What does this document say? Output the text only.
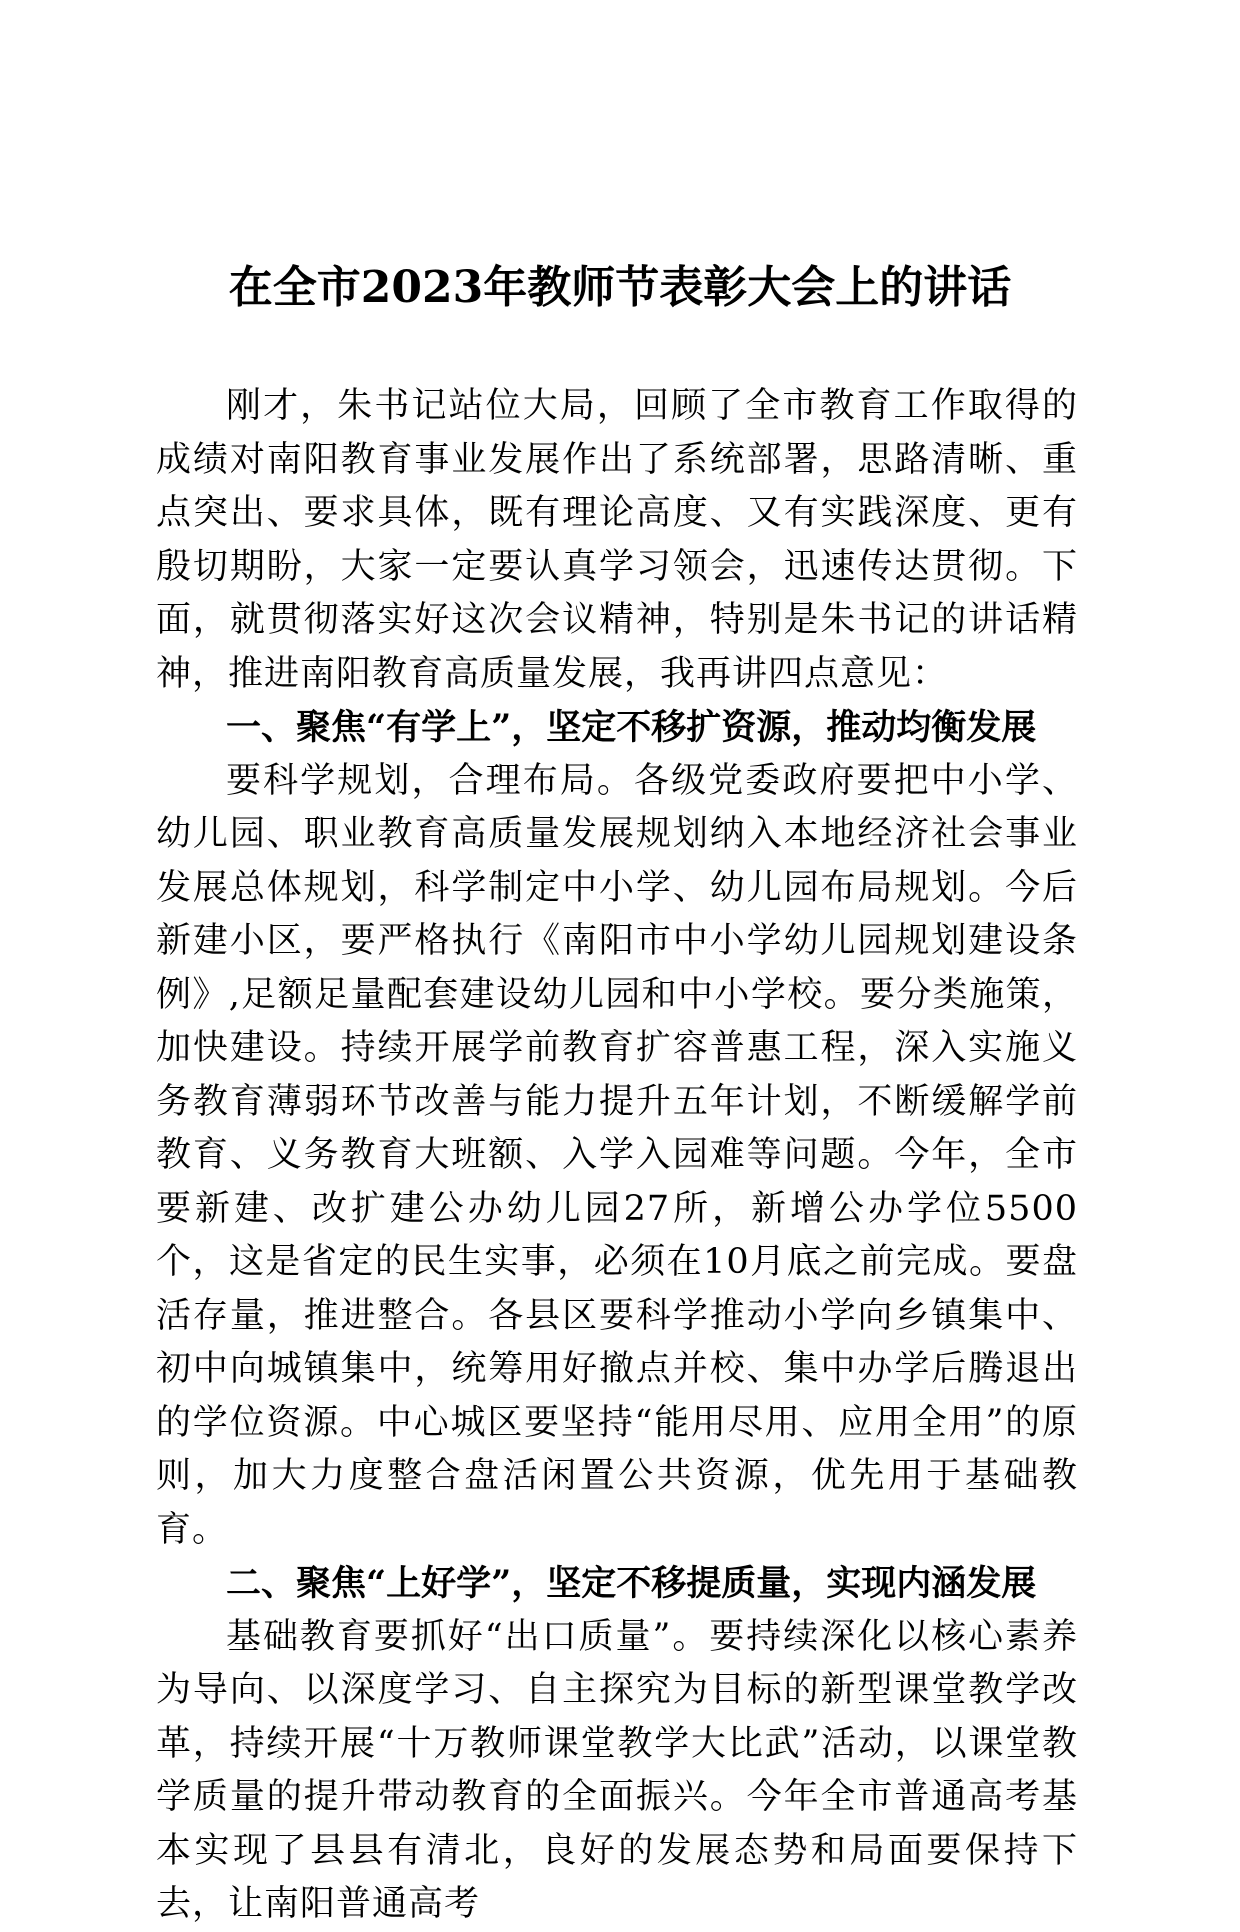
在全市2023年教师节表彰大会上的讲话

刚才，朱书记站位大局，回顾了全市教育工作取得的成绩对南阳教育事业发展作出了系统部署，思路清晰、重点突出、要求具体，既有理论高度、又有实践深度、更有殷切期盼，大家一定要认真学习领会，迅速传达贯彻。下面，就贯彻落实好这次会议精神，特别是朱书记的讲话精神，推进南阳教育高质量发展，我再讲四点意见：

一、聚焦“有学上”，坚定不移扩资源，推动均衡发展

要科学规划，合理布局。各级党委政府要把中小学、幼儿园、职业教育高质量发展规划纳入本地经济社会事业发展总体规划，科学制定中小学、幼儿园布局规划。今后新建小区，要严格执行《南阳市中小学幼儿园规划建设条例》,足额足量配套建设幼儿园和中小学校。要分类施策，加快建设。持续开展学前教育扩容普惠工程，深入实施义务教育薄弱环节改善与能力提升五年计划，不断缓解学前教育、义务教育大班额、入学入园难等问题。今年，全市要新建、改扩建公办幼儿园27所，新增公办学位5500个，这是省定的民生实事，必须在10月底之前完成。要盘活存量，推进整合。各县区要科学推动小学向乡镇集中、初中向城镇集中，统筹用好撤点并校、集中办学后腾退出的学位资源。中心城区要坚持“能用尽用、应用全用”的原则，加大力度整合盘活闲置公共资源，优先用于基础教育。

二、聚焦“上好学”，坚定不移提质量，实现内涵发展

基础教育要抓好“出口质量”。要持续深化以核心素养为导向、以深度学习、自主探究为目标的新型课堂教学改革，持续开展“十万教师课堂教学大比武”活动，以课堂教学质量的提升带动教育的全面振兴。今年全市普通高考基本实现了县县有清北，良好的发展态势和局面要保持下去，让南阳普通高考
